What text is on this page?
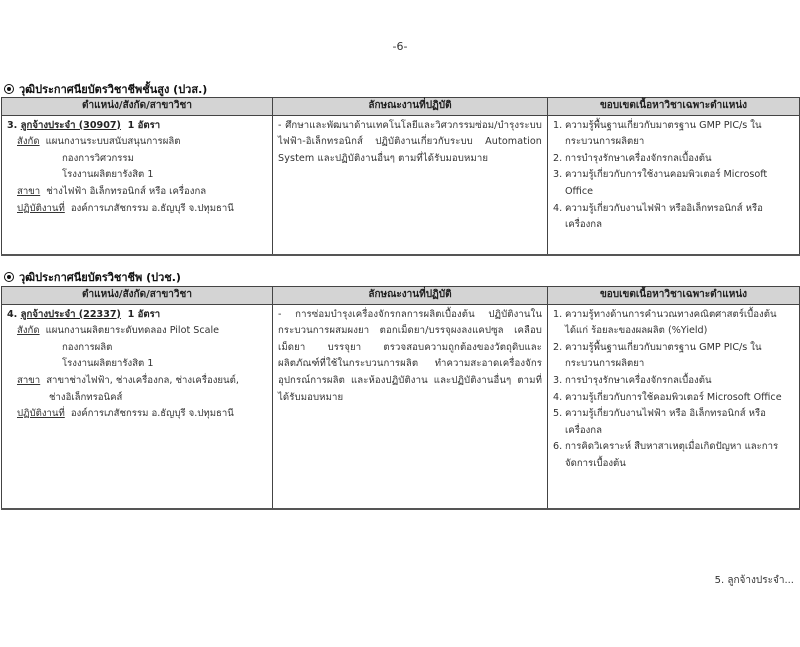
-6-
วุฒิประกาศนียบัตรวิชาชีพชั้นสูง (ปวส.)
ตำแหน่ง/สังกัด/สาขาวิชา	ลักษณะงานที่ปฏิบัติ	ขอบเขตเนื้อหาวิชาเฉพาะตำแหน่ง

3. ลูกจ้างประจำ (30907) 1 อัตรา
สังกัด แผนกงานระบบสนับสนุนการผลิต
กองการวิศวกรรม
โรงงานผลิตยารังสิต 1
สาขา ช่างไฟฟ้า อิเล็กทรอนิกส์ หรือ เครื่องกล
ปฏิบัติงานที่ องค์การเภสัชกรรม อ.ธัญบุรี จ.ปทุมธานี
	- ศึกษาและพัฒนาด้านเทคโนโลยีและวิศวกรรมซ่อม/บำรุงระบบไฟฟ้า-อิเล็กทรอนิกส์ ปฏิบัติงานเกี่ยวกับระบบ Automation System และปฏิบัติงานอื่นๆ ตามที่ได้รับมอบหมาย	
1. ความรู้พื้นฐานเกี่ยวกับมาตรฐาน GMP PIC/s ในกระบวนการผลิตยา
2. การบำรุงรักษาเครื่องจักรกลเบื้องต้น
3. ความรู้เกี่ยวกับการใช้งานคอมพิวเตอร์ Microsoft Office
4. ความรู้เกี่ยวกับงานไฟฟ้า หรืออิเล็กทรอนิกส์ หรือเครื่องกล
วุฒิประกาศนียบัตรวิชาชีพ (ปวช.)
ตำแหน่ง/สังกัด/สาขาวิชา	ลักษณะงานที่ปฏิบัติ	ขอบเขตเนื้อหาวิชาเฉพาะตำแหน่ง

4. ลูกจ้างประจำ (22337) 1 อัตรา
สังกัด แผนกงานผลิตยาระดับทดลอง Pilot Scale
กองการผลิต
โรงงานผลิตยารังสิต 1
สาขา สาขาช่างไฟฟ้า, ช่างเครื่องกล, ช่างเครื่องยนต์,
ช่างอิเล็กทรอนิคส์
ปฏิบัติงานที่ องค์การเภสัชกรรม อ.ธัญบุรี จ.ปทุมธานี
	- การซ่อมบำรุงเครื่องจักรกลการผลิตเบื้องต้น ปฏิบัติงานในกระบวนการผสมผงยา ตอกเม็ดยา/บรรจุผงลงแคปซูล เคลือบเม็ดยา บรรจุยา ตรวจสอบความถูกต้องของวัตถุดิบและผลิตภัณฑ์ที่ใช้ในกระบวนการผลิต ทำความสะอาดเครื่องจักรอุปกรณ์การผลิต และห้องปฏิบัติงาน และปฏิบัติงานอื่นๆ ตามที่ได้รับมอบหมาย	
1. ความรู้ทางด้านการคำนวณทางคณิตศาสตร์เบื้องต้น ได้แก่ ร้อยละของผลผลิต (%Yield)
2. ความรู้พื้นฐานเกี่ยวกับมาตรฐาน GMP PIC/s ในกระบวนการผลิตยา
3. การบำรุงรักษาเครื่องจักรกลเบื้องต้น
4. ความรู้เกี่ยวกับการใช้คอมพิวเตอร์ Microsoft Office
5. ความรู้เกี่ยวกับงานไฟฟ้า หรือ อิเล็กทรอนิกส์ หรือเครื่องกล
6. การคิดวิเคราะห์ สืบหาสาเหตุเมื่อเกิดปัญหา และการจัดการเบื้องต้น
5. ลูกจ้างประจำ...
